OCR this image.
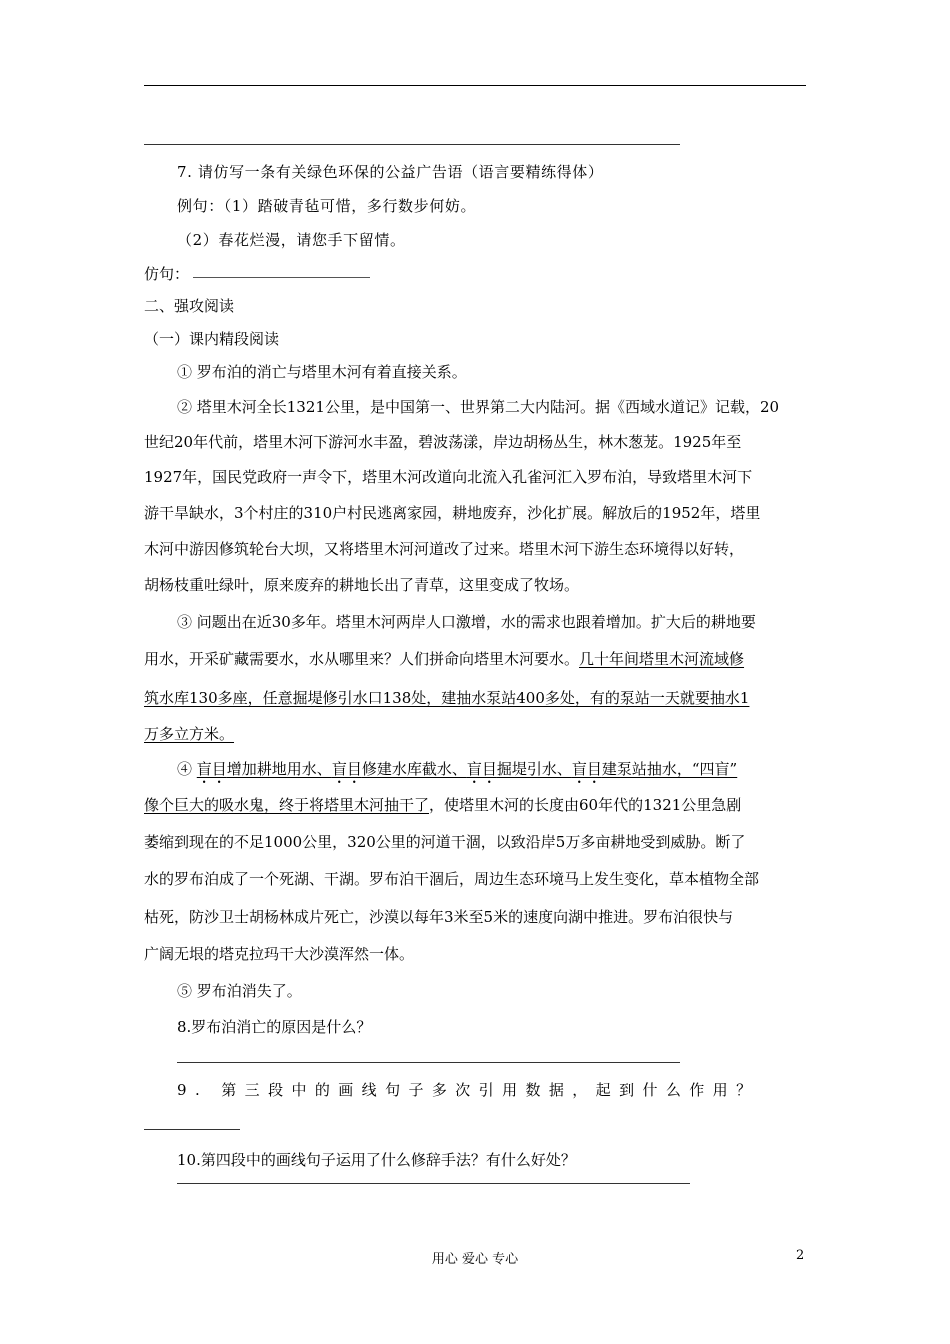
7. 请仿写一条有关绿色环保的公益广告语（语言要精练得体）
例句：（1）踏破青毡可惜，多行数步何妨。
（2）春花烂漫，请您手下留情。
仿句：
二、强攻阅读
（一）课内精段阅读
① 罗布泊的消亡与塔里木河有着直接关系。
② 塔里木河全长1321公里，是中国第一、世界第二大内陆河。据《西域水道记》记载，20
世纪20年代前，塔里木河下游河水丰盈，碧波荡漾，岸边胡杨丛生，林木葱茏。1925年至
1927年，国民党政府一声令下，塔里木河改道向北流入孔雀河汇入罗布泊，导致塔里木河下
游干旱缺水，3个村庄的310户村民逃离家园，耕地废弃，沙化扩展。解放后的1952年，塔里
木河中游因修筑轮台大坝，又将塔里木河河道改了过来。塔里木河下游生态环境得以好转，
胡杨枝重吐绿叶，原来废弃的耕地长出了青草，这里变成了牧场。
③ 问题出在近30多年。塔里木河两岸人口激增，水的需求也跟着增加。扩大后的耕地要
用水，开采矿藏需要水，水从哪里来？人们拼命向塔里木河要水。几十年间塔里木河流域修
筑水库130多座，任意掘堤修引水口138处，建抽水泵站400多处，有的泵站一天就要抽水1
万多立方米。
④ 盲目增加耕地用水、盲目修建水库截水、盲目掘堤引水、盲目建泵站抽水，“四盲”
像个巨大的吸水鬼，终于将塔里木河抽干了，使塔里木河的长度由60年代的1321公里急剧
萎缩到现在的不足1000公里，320公里的河道干涸，以致沿岸5万多亩耕地受到威胁。断了
水的罗布泊成了一个死湖、干湖。罗布泊干涸后，周边生态环境马上发生变化，草本植物全部
枯死，防沙卫士胡杨林成片死亡，沙漠以每年3米至5米的速度向湖中推进。罗布泊很快与
广阔无垠的塔克拉玛干大沙漠浑然一体。
⑤ 罗布泊消失了。
8.罗布泊消亡的原因是什么？
9. 第三段中的画线句子多次引用数据，起到什么作用？
10.第四段中的画线句子运用了什么修辞手法？有什么好处？
用心 爱心 专心	2
